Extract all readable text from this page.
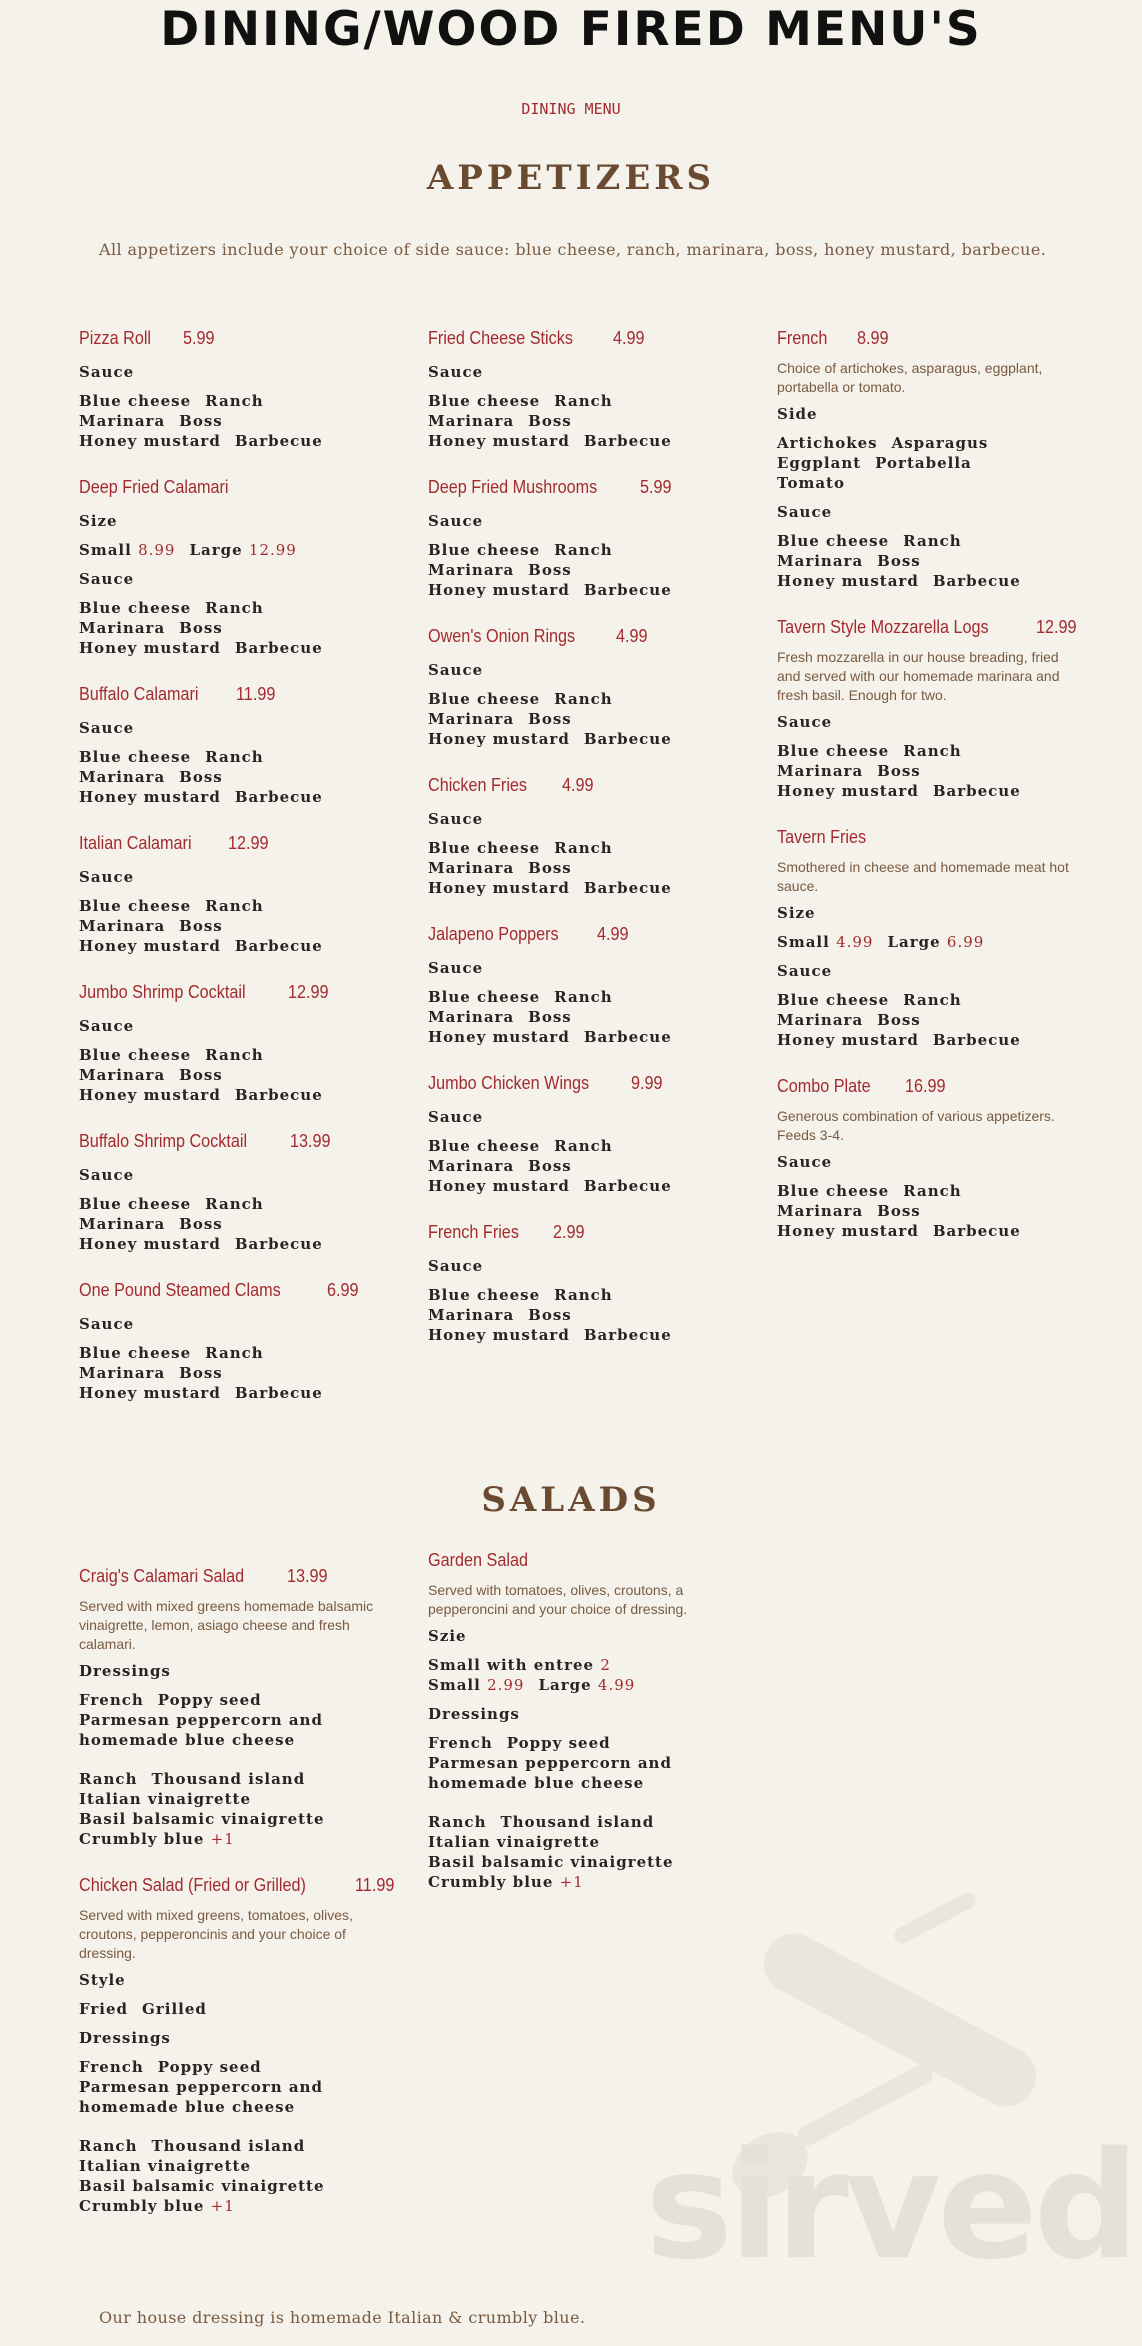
DINING/WOOD FIRED MENU'S
DINING MENU
APPETIZERS
All appetizers include your choice of side sauce: blue cheese, ranch, marinara, boss, honey mustard, barbecue.
Pizza Roll 5.99
Sauce
Blue cheese Ranch
Marinara Boss
Honey mustard Barbecue
Deep Fried Calamari
Size
Small 8.99 Large 12.99
Sauce
Blue cheese Ranch
Marinara Boss
Honey mustard Barbecue
Buffalo Calamari 11.99
Sauce
Blue cheese Ranch
Marinara Boss
Honey mustard Barbecue
Italian Calamari 12.99
Sauce
Blue cheese Ranch
Marinara Boss
Honey mustard Barbecue
Jumbo Shrimp Cocktail 12.99
Sauce
Blue cheese Ranch
Marinara Boss
Honey mustard Barbecue
Buffalo Shrimp Cocktail 13.99
Sauce
Blue cheese Ranch
Marinara Boss
Honey mustard Barbecue
One Pound Steamed Clams	6.99
Sauce
Blue cheese Ranch
Marinara Boss
Honey mustard Barbecue
Fried Cheese Sticks 4.99
Sauce
Blue cheese Ranch
Marinara Boss
Honey mustard Barbecue
Deep Fried Mushrooms 5.99
Sauce
Blue cheese Ranch
Marinara Boss
Honey mustard Barbecue
Owen's Onion Rings 4.99
Sauce
Blue cheese Ranch
Marinara Boss
Honey mustard Barbecue
Chicken Fries 4.99
Sauce
Blue cheese Ranch
Marinara Boss
Honey mustard Barbecue
Jalapeno Poppers 4.99
Sauce
Blue cheese Ranch
Marinara Boss
Honey mustard Barbecue
Jumbo Chicken Wings 9.99
Sauce
Blue cheese Ranch
Marinara Boss
Honey mustard Barbecue
French Fries 2.99
Sauce
Blue cheese Ranch
Marinara Boss
Honey mustard Barbecue
French 8.99
Choice of artichokes, asparagus, eggplant, portabella or tomato.
Side
Artichokes Asparagus
Eggplant Portabella
Tomato
Sauce
Blue cheese Ranch
Marinara Boss
Honey mustard Barbecue
Tavern Style Mozzarella Logs	12.99
Fresh mozzarella in our house breading, fried and served with our homemade marinara and fresh basil. Enough for two.
Sauce
Blue cheese Ranch
Marinara Boss
Honey mustard Barbecue
Tavern Fries
Smothered in cheese and homemade meat hot sauce.
Size
Small 4.99 Large 6.99
Sauce
Blue cheese Ranch
Marinara Boss
Honey mustard Barbecue
Combo Plate 16.99
Generous combination of various appetizers. Feeds 3-4.
Sauce
Blue cheese Ranch
Marinara Boss
Honey mustard Barbecue
SALADS
Craig's Calamari Salad 13.99
Served with mixed greens homemade balsamic vinaigrette, lemon, asiago cheese and fresh calamari.
Dressings
French Poppy seed
Parmesan peppercorn and
homemade blue cheese
Ranch Thousand island
Italian vinaigrette
Basil balsamic vinaigrette
Crumbly blue +1
Chicken Salad (Fried or Grilled)	11.99
Served with mixed greens, tomatoes, olives, croutons, pepperoncinis and your choice of dressing.
Style
Fried Grilled
Dressings
French Poppy seed
Parmesan peppercorn and
homemade blue cheese
Ranch Thousand island
Italian vinaigrette
Basil balsamic vinaigrette
Crumbly blue +1
Garden Salad
Served with tomatoes, olives, croutons, a pepperoncini and your choice of dressing.
Szie
Small with entree 2
Small 2.99 Large 4.99
Dressings
French Poppy seed
Parmesan peppercorn and
homemade blue cheese
Ranch Thousand island
Italian vinaigrette
Basil balsamic vinaigrette
Crumbly blue +1
sirved
Our house dressing is homemade Italian & crumbly blue.
